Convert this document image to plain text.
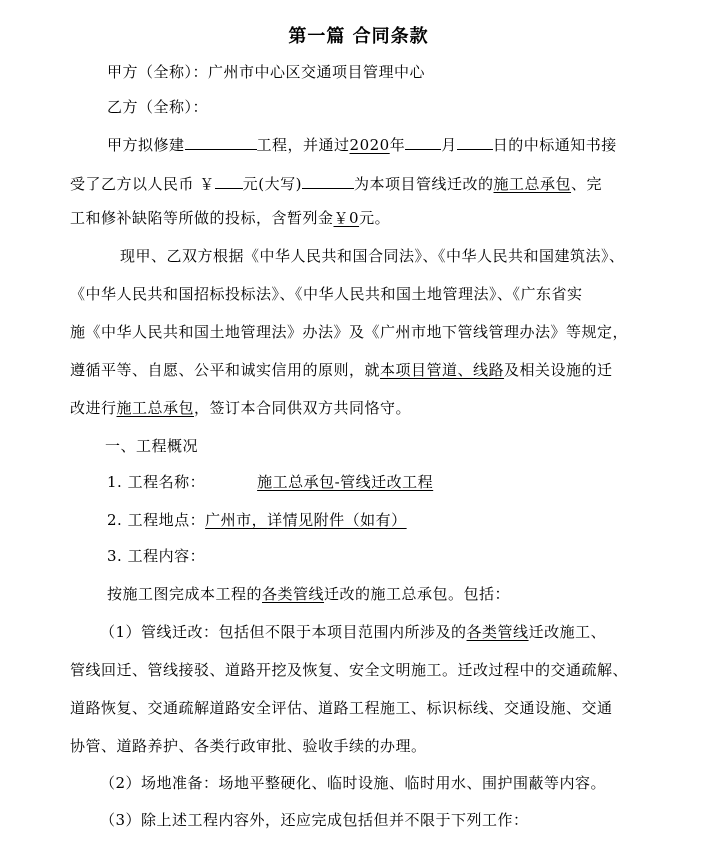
第一篇 合同条款
甲方（全称）：广州市中心区交通项目管理中心
乙方（全称）：
甲方拟修建	工程，并通过2020年 月 日的中标通知书接
受了乙方以人民币 ￥ 元(大写)	为本项目管线迁改的施工总承包、完
工和修补缺陷等所做的投标，含暂列金￥0元。
现甲、乙双方根据《中华人民共和国合同法》、《中华人民共和国建筑法》、
《中华人民共和国招标投标法》、《中华人民共和国土地管理法》、《广东省实
施《中华人民共和国土地管理法》办法》及《广州市地下管线管理办法》等规定，
遵循平等、自愿、公平和诚实信用的原则，就本项目管道、线路及相关设施的迁
改进行施工总承包，签订本合同供双方共同恪守。
一、工程概况
1. 工程名称：	施工总承包-管线迁改工程
2. 工程地点：广州市，详情见附件（如有）
3. 工程内容：
按施工图完成本工程的各类管线迁改的施工总承包。包括：
（1）管线迁改：包括但不限于本项目范围内所涉及的各类管线迁改施工、
管线回迁、管线接驳、道路开挖及恢复、安全文明施工。迁改过程中的交通疏解、
道路恢复、交通疏解道路安全评估、道路工程施工、标识标线、交通设施、交通
协管、道路养护、各类行政审批、验收手续的办理。
（2）场地准备：场地平整硬化、临时设施、临时用水、围护围蔽等内容。
（3）除上述工程内容外，还应完成包括但并不限于下列工作：
